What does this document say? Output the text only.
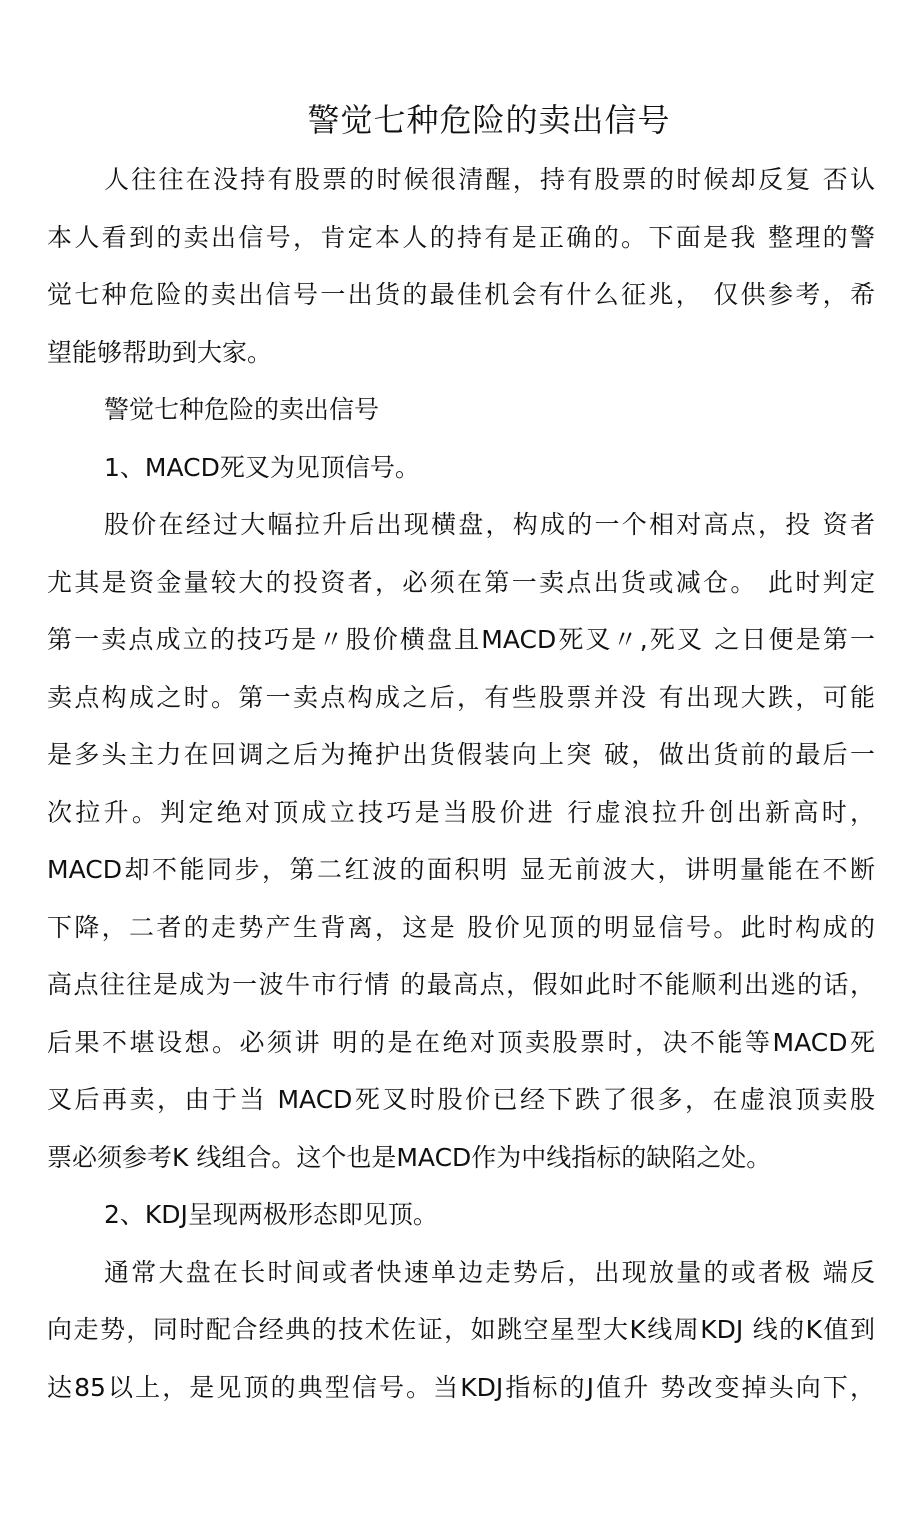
警觉七种危险的卖出信号
人往往在没持有股票的时候很清醒，持有股票的时候却反复 否认
本人看到的卖出信号，肯定本人的持有是正确的。下面是我 整理的警
觉七种危险的卖出信号一出货的最佳机会有什么征兆， 仅供参考，希
望能够帮助到大家。
警觉七种危险的卖出信号
1、MACD死叉为见顶信号。
股价在经过大幅拉升后出现横盘，构成的一个相对高点，投 资者
尤其是资金量较大的投资者，必须在第一卖点出货或减仓。 此时判定
第一卖点成立的技巧是〃股价横盘且MACD死叉〃,死叉 之日便是第一
卖点构成之时。第一卖点构成之后，有些股票并没 有出现大跌，可能
是多头主力在回调之后为掩护出货假装向上突 破，做出货前的最后一
次拉升。判定绝对顶成立技巧是当股价进 行虚浪拉升创出新高时，
MACD却不能同步，第二红波的面积明 显无前波大，讲明量能在不断
下降，二者的走势产生背离，这是 股价见顶的明显信号。此时构成的
高点往往是成为一波牛市行情 的最高点，假如此时不能顺利出逃的话，
后果不堪设想。必须讲 明的是在绝对顶卖股票时，决不能等MACD死
叉后再卖，由于当 MACD死叉时股价已经下跌了很多，在虚浪顶卖股
票必须参考K 线组合。这个也是MACD作为中线指标的缺陷之处。
2、KDJ呈现两极形态即见顶。
通常大盘在长时间或者快速单边走势后，出现放量的或者极 端反
向走势，同时配合经典的技术佐证，如跳空星型大K线周KDJ 线的K值到
达85以上，是见顶的典型信号。当KDJ指标的J值升 势改变掉头向下，
